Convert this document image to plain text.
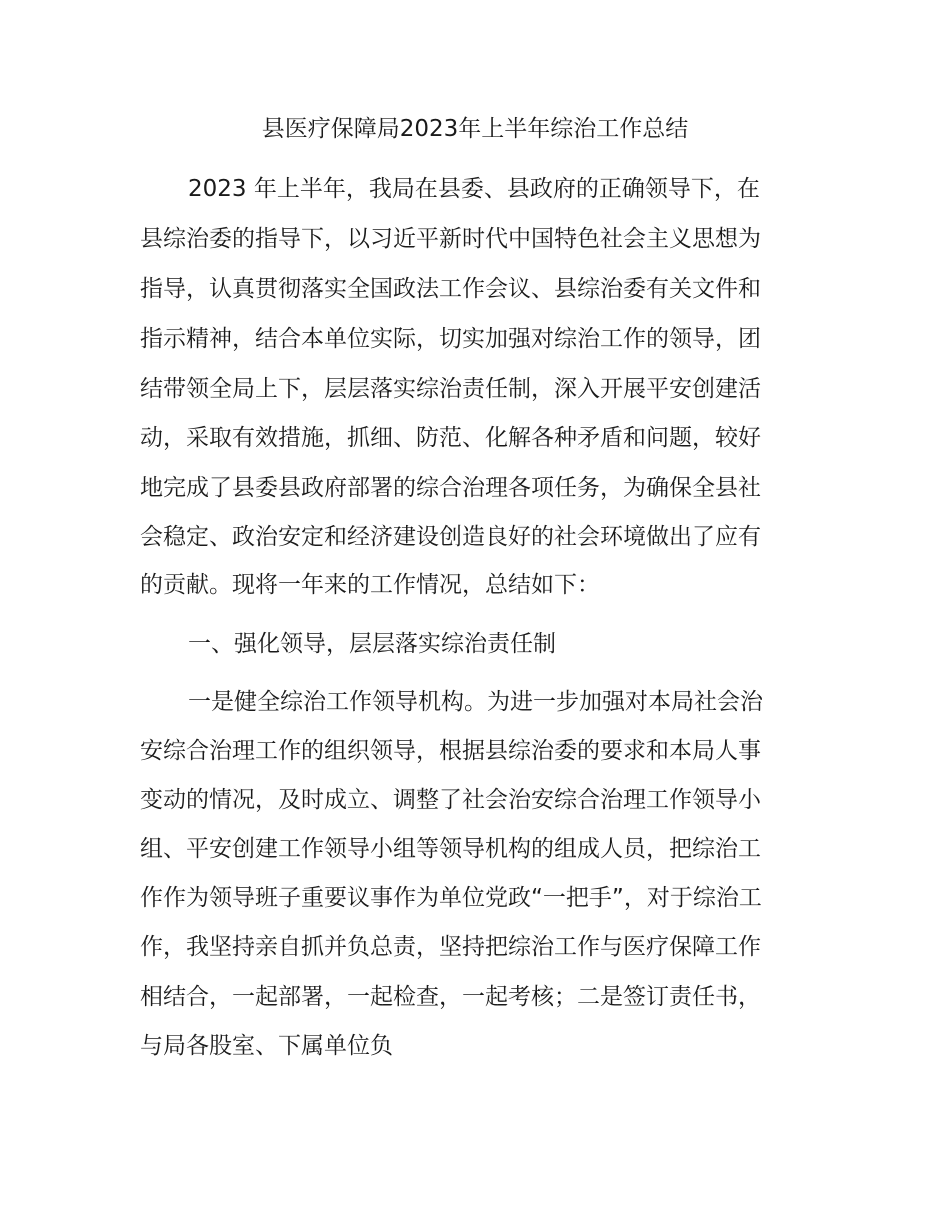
县医疗保障局2023年上半年综治工作总结
2023 年上半年，我局在县委、县政府的正确领导下，在
县综治委的指导下，以习近平新时代中国特色社会主义思想为
指导，认真贯彻落实全国政法工作会议、县综治委有关文件和
指示精神，结合本单位实际，切实加强对综治工作的领导，团
结带领全局上下，层层落实综治责任制，深入开展平安创建活
动，采取有效措施，抓细、防范、化解各种矛盾和问题，较好
地完成了县委县政府部署的综合治理各项任务，为确保全县社
会稳定、政治安定和经济建设创造良好的社会环境做出了应有
的贡献。现将一年来的工作情况，总结如下：
一、强化领导，层层落实综治责任制
一是健全综治工作领导机构。为进一步加强对本局社会治
安综合治理工作的组织领导，根据县综治委的要求和本局人事
变动的情况，及时成立、调整了社会治安综合治理工作领导小
组、平安创建工作领导小组等领导机构的组成人员，把综治工
作作为领导班子重要议事作为单位党政“一把手”，对于综治工
作，我坚持亲自抓并负总责，坚持把综治工作与医疗保障工作
相结合，一起部署，一起检查，一起考核；二是签订责任书，
与局各股室、下属单位负
